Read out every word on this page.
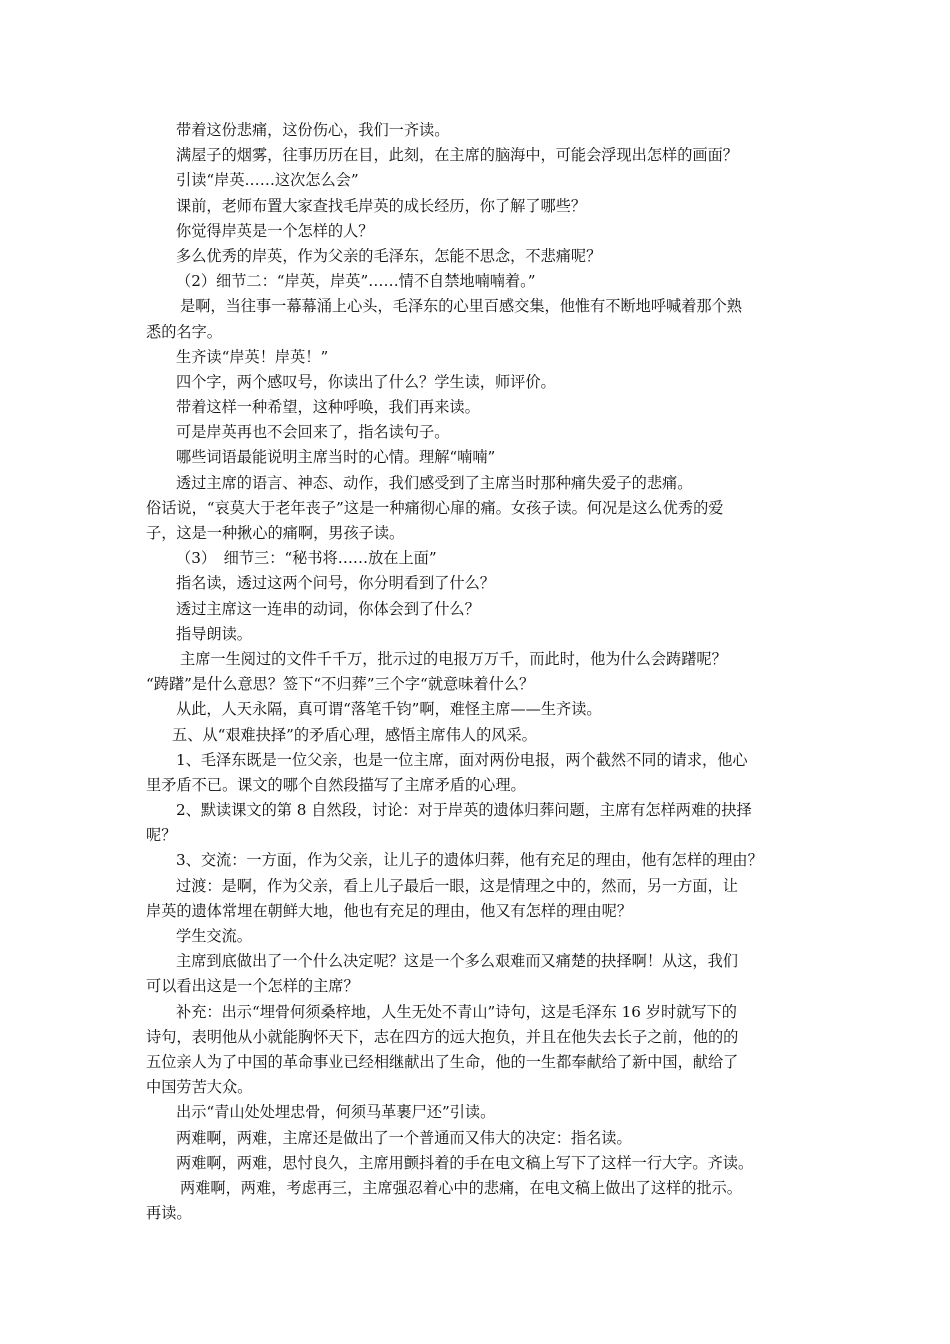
带着这份悲痛，这份伤心，我们一齐读。
满屋子的烟雾，往事历历在目，此刻，在主席的脑海中，可能会浮现出怎样的画面？
引读“岸英……这次怎么会”
课前，老师布置大家查找毛岸英的成长经历，你了解了哪些？
你觉得岸英是一个怎样的人？
多么优秀的岸英，作为父亲的毛泽东，怎能不思念，不悲痛呢？
（2）细节二：“岸英，岸英”……情不自禁地喃喃着。”
是啊，当往事一幕幕涌上心头，毛泽东的心里百感交集，他惟有不断地呼喊着那个熟
悉的名字。
生齐读“岸英！岸英！”
四个字，两个感叹号，你读出了什么？学生读，师评价。
带着这样一种希望，这种呼唤，我们再来读。
可是岸英再也不会回来了，指名读句子。
哪些词语最能说明主席当时的心情。理解“喃喃”
透过主席的语言、神态、动作，我们感受到了主席当时那种痛失爱子的悲痛。
俗话说，“哀莫大于老年丧子”这是一种痛彻心扉的痛。女孩子读。何况是这么优秀的爱
子，这是一种揪心的痛啊，男孩子读。
（3）　细节三：“秘书将……放在上面”
指名读，透过这两个问号，你分明看到了什么？
透过主席这一连串的动词，你体会到了什么？
指导朗读。
主席一生阅过的文件千千万，批示过的电报万万千，而此时，他为什么会踌躇呢？
“踌躇”是什么意思？签下“不归葬”三个字“就意味着什么？
从此，人天永隔，真可谓“落笔千钧”啊，难怪主席——生齐读。
五、从“艰难抉择”的矛盾心理，感悟主席伟人的风采。
1、毛泽东既是一位父亲，也是一位主席，面对两份电报，两个截然不同的请求，他心
里矛盾不已。课文的哪个自然段描写了主席矛盾的心理。
2、默读课文的第 8 自然段，讨论：对于岸英的遗体归葬问题，主席有怎样两难的抉择
呢？
3、交流：一方面，作为父亲，让儿子的遗体归葬，他有充足的理由，他有怎样的理由？
过渡：是啊，作为父亲，看上儿子最后一眼，这是情理之中的，然而，另一方面，让
岸英的遗体常埋在朝鲜大地，他也有充足的理由，他又有怎样的理由呢？
学生交流。
主席到底做出了一个什么决定呢？这是一个多么艰难而又痛楚的抉择啊！从这，我们
可以看出这是一个怎样的主席？
补充：出示“埋骨何须桑梓地，人生无处不青山”诗句，这是毛泽东 16 岁时就写下的
诗句，表明他从小就能胸怀天下，志在四方的远大抱负，并且在他失去长子之前，他的的
五位亲人为了中国的革命事业已经相继献出了生命，他的一生都奉献给了新中国，献给了
中国劳苦大众。
出示“青山处处埋忠骨，何须马革裹尸还”引读。
两难啊，两难，主席还是做出了一个普通而又伟大的决定：指名读。
两难啊，两难，思忖良久，主席用颤抖着的手在电文稿上写下了这样一行大字。齐读。
两难啊，两难，考虑再三，主席强忍着心中的悲痛，在电文稿上做出了这样的批示。
再读。
